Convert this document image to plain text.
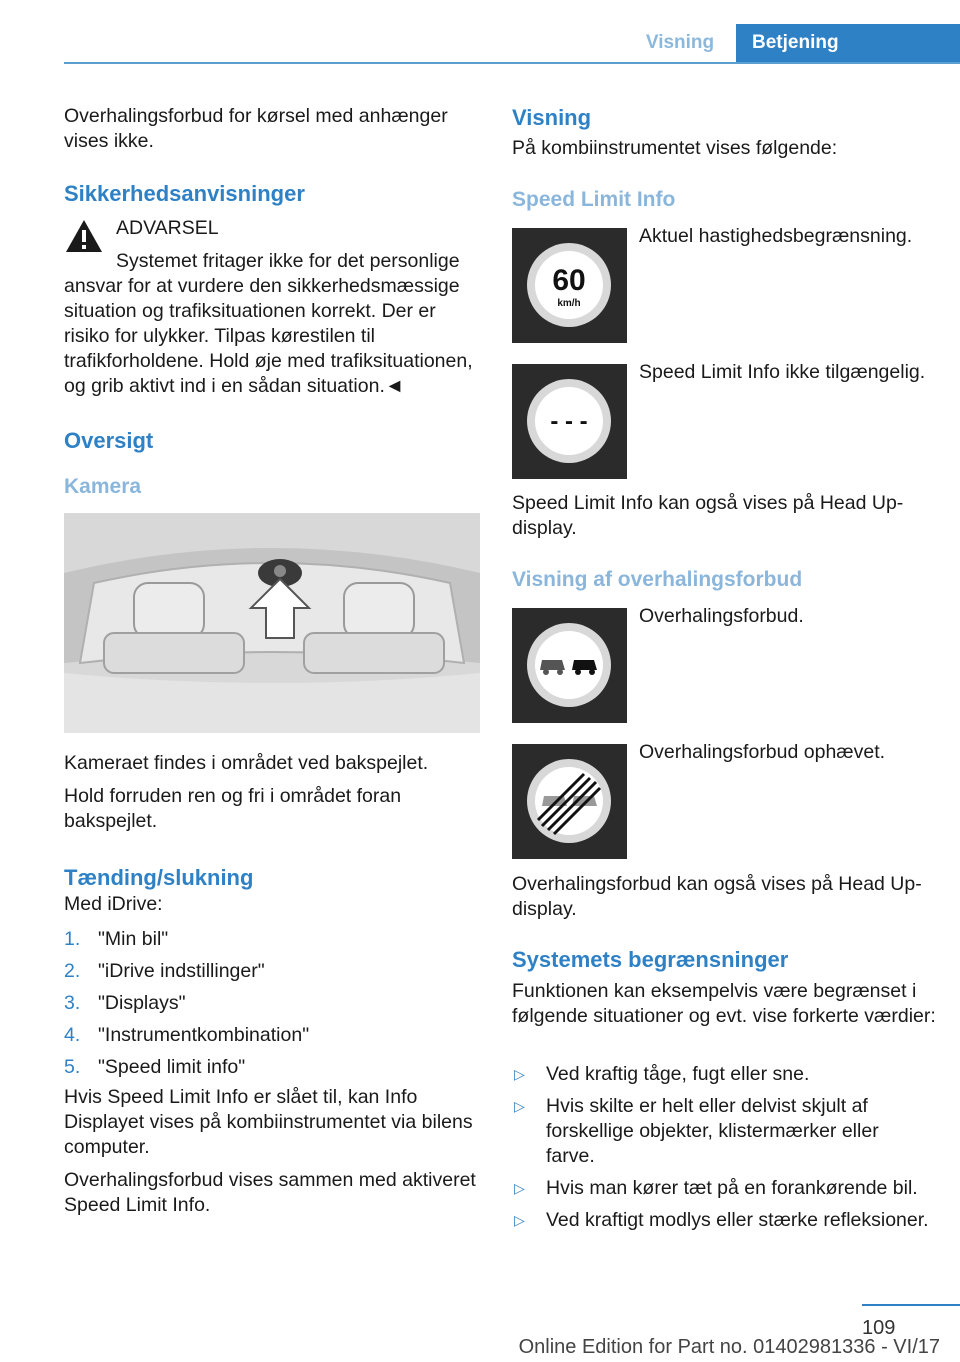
Visning	Betjening

Overhalingsforbud for kørsel med anhænger vises ikke.

Sikkerhedsanvisninger
ADVARSEL
Systemet fritager ikke for det personlige ansvar for at vurdere den sikkerhedsmæssige situation og trafiksituationen korrekt. Der er risiko for ulykker. Tilpas kørestilen til trafikforholdene. Hold øje med trafiksituationen, og grib aktivt ind i en sådan situation.◄
Oversigt
Kamera

Kameraet findes i området ved bakspejlet.

Hold forruden ren og fri i området foran bakspejlet.

Tænding/slukning

Med iDrive:

1. "Min bil"
2. "iDrive indstillinger"
3. "Displays"
4. "Instrumentkombination"
5. "Speed limit info"

Hvis Speed Limit Info er slået til, kan Info Displayet vises på kombiinstrumentet via bilens computer.

Overhalingsforbud vises sammen med aktiveret Speed Limit Info.

Visning

På kombiinstrumentet vises følgende:

Speed Limit Info
60
km/h
Aktuel hastighedsbegrænsning.
- - -
Speed Limit Info ikke tilgængelig.

Speed Limit Info kan også vises på Head Up-display.

Visning af overhalingsforbud
Overhalingsforbud.
Overhalingsforbud ophævet.

Overhalingsforbud kan også vises på Head Up-display.

Systemets begrænsninger

Funktionen kan eksempelvis være begrænset i følgende situationer og evt. vise forkerte værdier:

▷ Ved kraftig tåge, fugt eller sne.
▷ Hvis skilte er helt eller delvist skjult af forskellige objekter, klistermærker eller farve.
▷ Hvis man kører tæt på en forankørende bil.
▷ Ved kraftigt modlys eller stærke refleksioner.
109
Online Edition for Part no. 01402981336 - VI/17
